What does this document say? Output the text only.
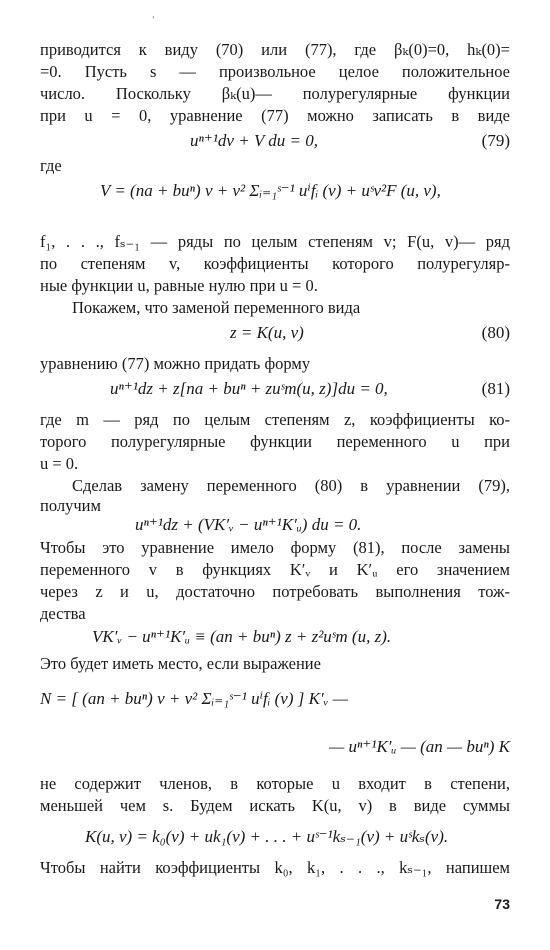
'
приводится к виду (70) или (77), где βₖ(0)=0, hₖ(0)=
=0. Пусть s — произвольное целое положительное
число. Поскольку βₖ(u)— полурегулярные функции
при u = 0, уравнение (77) можно записать в виде
uⁿ⁺¹dv + V du = 0,	(79)
где
V = (na + buⁿ) v + v² Σᵢ₌₁ˢ⁻¹ uⁱfᵢ (v) + uˢv²F (u, v),
f₁, . . ., fₛ₋₁ — ряды по целым степеням v; F(u, v)— ряд
по степеням v, коэффициенты которого полурегуляр-
ные функции u, равные нулю при u = 0.
Покажем, что заменой переменного вида
z = K(u, v)	(80)
уравнению (77) можно придать форму
uⁿ⁺¹dz + z[na + buⁿ + zuˢm(u, z)]du = 0,	(81)
где m — ряд по целым степеням z, коэффициенты ко-
торого полурегулярные функции переменного u при
u = 0.
Сделав замену переменного (80) в уравнении (79),
получим
uⁿ⁺¹dz + (VK′ᵥ − uⁿ⁺¹K′ᵤ) du = 0.
Чтобы это уравнение имело форму (81), после замены
переменного v в функциях K′ᵥ и K′ᵤ его значением
через z и u, достаточно потребовать выполнения тож-
дества
VK′ᵥ − uⁿ⁺¹K′ᵤ ≡ (an + buⁿ) z + z²uˢm (u, z).
Это будет иметь место, если выражение
N = [ (an + buⁿ) v + v² Σᵢ₌₁ˢ⁻¹ uⁱfᵢ (v) ] K′ᵥ —
— uⁿ⁺¹K′ᵤ — (an — buⁿ) K
не содержит членов, в которые u входит в степени,
меньшей чем s. Будем искать K(u, v) в виде суммы
K(u, v) = k₀(v) + uk₁(v) + . . . + uˢ⁻¹kₛ₋₁(v) + uˢkₛ(v).
Чтобы найти коэффициенты k₀, k₁, . . ., kₛ₋₁, напишем
73
